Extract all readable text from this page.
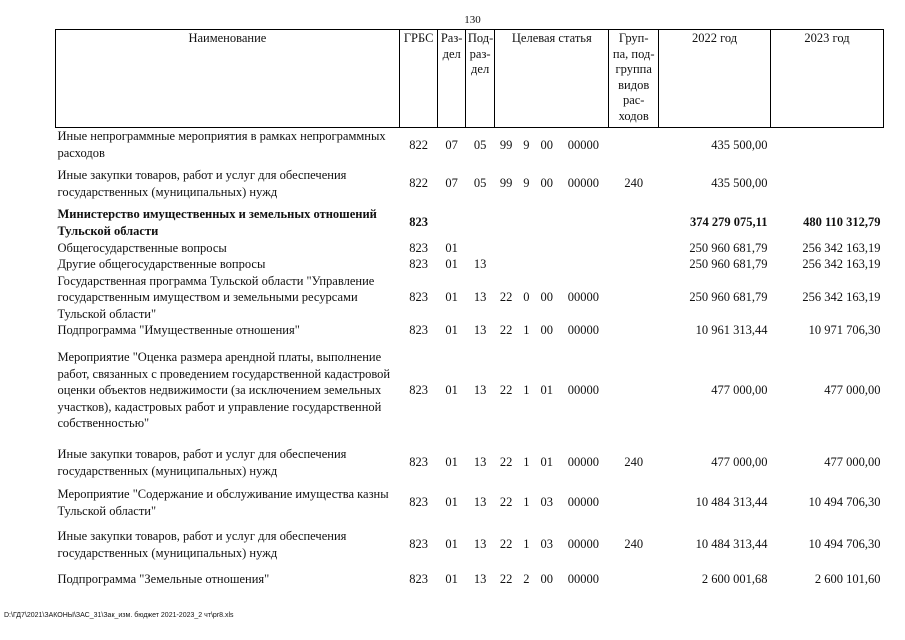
130
Наименование	ГРБС	Раз- дел	Под- раз- дел	Целевая статья				Груп- па, под- группа видов рас- ходов	2022 год	2023 год
Иные непрограммные мероприятия в рамках непрограммных расходов	822	07	05	99	9	00	00000		435 500,00	
Иные закупки товаров, работ и услуг для обеспечения государственных (муниципальных) нужд	822	07	05	99	9	00	00000	240	435 500,00	
Министерство имущественных и земельных отношений Тульской области	823								374 279 075,11	480 110 312,79
Общегосударственные вопросы	823	01							250 960 681,79	256 342 163,19
Другие общегосударственные вопросы	823	01	13						250 960 681,79	256 342 163,19
Государственная программа Тульской области "Управление государственным имуществом и земельными ресурсами Тульской области"	823	01	13	22	0	00	00000		250 960 681,79	256 342 163,19
Подпрограмма "Имущественные отношения"	823	01	13	22	1	00	00000		10 961 313,44	10 971 706,30
Мероприятие "Оценка размера арендной платы, выполнение работ, связанных с проведением государственной кадастровой оценки объектов недвижимости (за исключением земельных участков), кадастровых работ и управление государственной собственностью"	823	01	13	22	1	01	00000		477 000,00	477 000,00
Иные закупки товаров, работ и услуг для обеспечения государственных (муниципальных) нужд	823	01	13	22	1	01	00000	240	477 000,00	477 000,00
Мероприятие "Содержание и обслуживание имущества казны Тульской области"	823	01	13	22	1	03	00000		10 484 313,44	10 494 706,30
Иные закупки товаров, работ и услуг для обеспечения государственных (муниципальных) нужд	823	01	13	22	1	03	00000	240	10 484 313,44	10 494 706,30
Подпрограмма "Земельные отношения"	823	01	13	22	2	00	00000		2 600 001,68	2 600 101,60
D:\ГД7\2021\ЗАКОНЫ\ЗАС_31\Зак_изм. бюджет 2021-2023_2 чт\pr8.xls
